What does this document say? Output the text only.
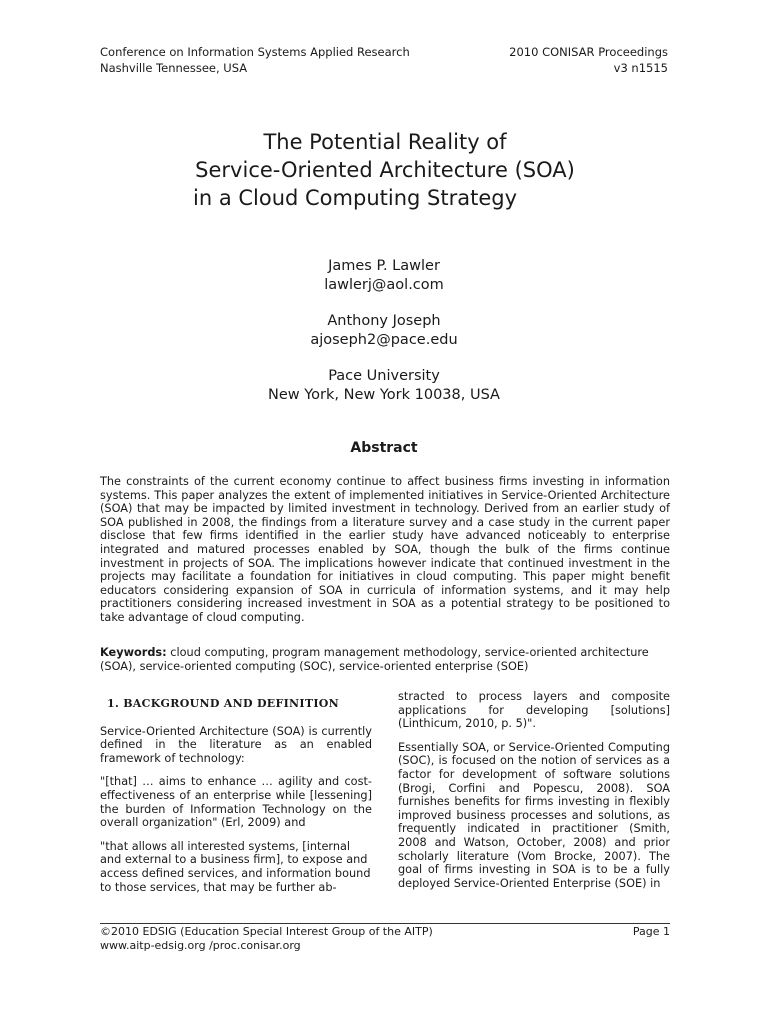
Conference on Information Systems Applied Research
Nashville Tennessee, USA
2010 CONISAR Proceedings
v3 n1515
The Potential Reality of
Service-Oriented Architecture (SOA)
in a Cloud Computing Strategy
James P. Lawler
lawlerj@aol.com
Anthony Joseph
ajoseph2@pace.edu
Pace University
New York, New York 10038, USA
Abstract
The constraints of the current economy continue to affect business firms investing in information systems. This paper analyzes the extent of implemented initiatives in Service-Oriented Architecture (SOA) that may be impacted by limited investment in technology. Derived from an earlier study of SOA published in 2008, the findings from a literature survey and a case study in the current paper disclose that few firms identified in the earlier study have advanced noticeably to enterprise integrated and matured processes enabled by SOA, though the bulk of the firms continue investment in projects of SOA. The implications however indicate that continued investment in the projects may facilitate a foundation for initiatives in cloud computing. This paper might benefit educators considering expansion of SOA in curricula of information systems, and it may help practitioners considering increased investment in SOA as a potential strategy to be positioned to take advantage of cloud computing.
Keywords: cloud computing, program management methodology, service-oriented architecture (SOA), service-oriented computing (SOC), service-oriented enterprise (SOE)
1. BACKGROUND AND DEFINITION

Service-Oriented Architecture (SOA) is currently defined in the literature as an enabled framework of technology:

"[that] … aims to enhance … agility and cost-effectiveness of an enterprise while [lessening] the burden of Information Technology on the overall organization" (Erl, 2009) and

"that allows all interested systems, [internal and external to a business firm], to expose and access defined services, and information bound to those services, that may be further ab-

stracted to process layers and composite applications for developing [solutions] (Linthicum, 2010, p. 5)".

Essentially SOA, or Service-Oriented Computing (SOC), is focused on the notion of services as a factor for development of software solutions (Brogi, Corfini and Popescu, 2008). SOA furnishes benefits for firms investing in flexibly improved business processes and solutions, as frequently indicated in practitioner (Smith, 2008 and Watson, October, 2008) and prior scholarly literature (Vom Brocke, 2007). The goal of firms investing in SOA is to be a fully deployed Service-Oriented Enterprise (SOE) in

©2010 EDSIG (Education Special Interest Group of the AITP)	Page 1
www.aitp-edsig.org /proc.conisar.org
